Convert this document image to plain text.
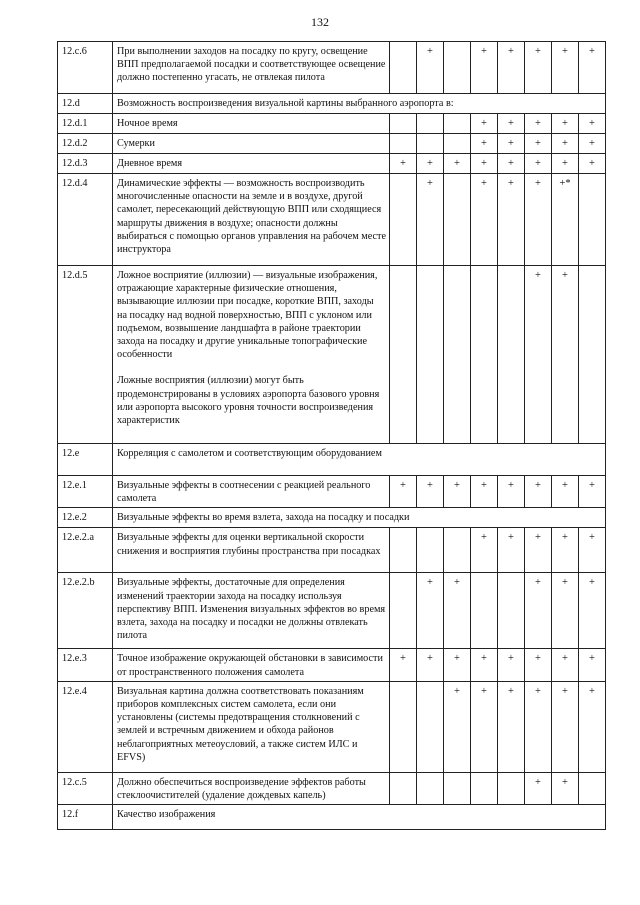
132
12.c.6	При выполнении заходов на посадку по кругу, освещение ВПП предполагаемой посадки и соответствующее освещение должно постепенно угасать, не отвлекая пилота		+		+	+	+	+	+
12.d	Возможность воспроизведения визуальной картины выбранного аэропорта в:								

12.d.1	Ночное время				+	+	+	+	+
12.d.2	Сумерки				+	+	+	+	+
12.d.3	Дневное время	+	+	+	+	+	+	+	+
12.d.4	Динамические эффекты — возможность воспроизводить многочисленные опасности на земле и в воздухе, другой самолет, пересекающий действующую ВПП или сходящиеся маршруты движения в воздухе; опасности должны выбираться с помощью органов управления на рабочем месте инструктора		+		+	+	+	+*	
12.d.5	Ложное восприятие (иллюзии) — визуальные изображения, отражающие характерные физические отношения, вызывающие иллюзии при посадке, короткие ВПП, заходы на посадку над водной поверхностью, ВПП с уклоном или подъемом, возвышение ландшафта в районе траектории захода на посадку и другие уникальные топографические особенности
Ложные восприятия (иллюзии) могут быть продемонстрированы в условиях аэропорта базового уровня или аэропорта высокого уровня точности воспроизведения характеристик						+	+	
12.e	Корреляция с самолетом и соответствующим оборудованием								

12.e.1	Визуальные эффекты в соотнесении с реакцией реального самолета	+	+	+	+	+	+	+	+
12.e.2	Визуальные эффекты во время взлета, захода на посадку и посадки								

12.e.2.a	Визуальные эффекты для оценки вертикальной скорости снижения и восприятия глубины пространства при посадках				+	+	+	+	+
12.e.2.b	Визуальные эффекты, достаточные для определения изменений траектории захода на посадку используя перспективу ВПП. Изменения визуальных эффектов во время взлета, захода на посадку и посадки не должны отвлекать пилота		+	+			+	+	+
12.e.3	Точное изображение окружающей обстановки в зависимости от пространственного положения самолета	+	+	+	+	+	+	+	+
12.e.4	Визуальная картина должна соответствовать показаниям приборов комплексных систем самолета, если они установлены (системы предотвращения столкновений с землей и встречным движением и обхода районов неблагоприятных метеоусловий, а также систем ИЛС и EFVS)			+	+	+	+	+	+
12.c.5	Должно обеспечиться воспроизведение эффектов работы стеклоочистителей (удаление дождевых капель)						+	+	
12.f	Качество изображения								
